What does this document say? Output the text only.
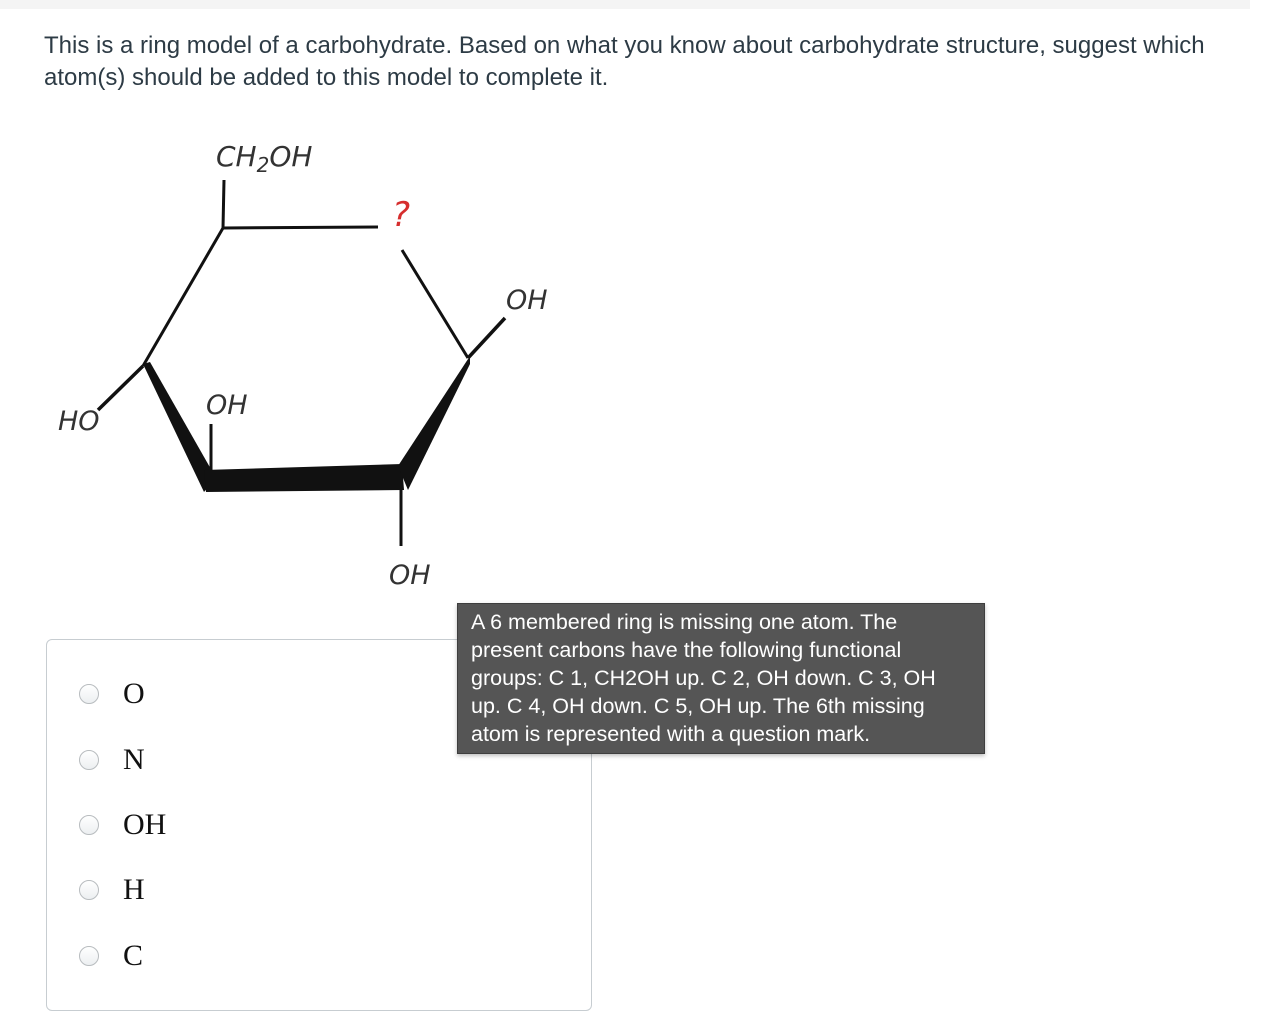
This is a ring model of a carbohydrate. Based on what you know about carbohydrate structure, suggest which atom(s) should be added to this model to complete it.
$CH_2OH$
?
OH
HO
OH
OH
O
N
OH
H
C
A 6 membered ring is missing one atom. The present carbons have the following functional groups: C 1, CH2OH up. C 2, OH down. C 3, OH up. C 4, OH down. C 5, OH up. The 6th missing atom is represented with a question mark.
